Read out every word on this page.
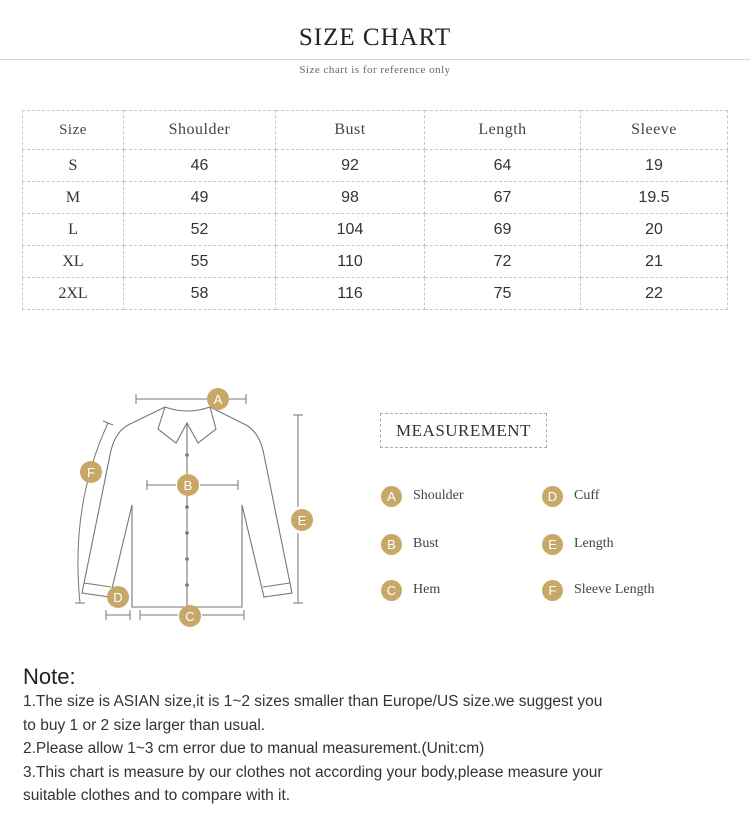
SIZE CHART
Size chart is for reference only
Size	Shoulder	Bust	Length	Sleeve
S	46	92	64	19
M	49	98	67	19.5
L	52	104	69	20
XL	55	110	72	21
2XL	58	116	75	22
A
B
C
D
E
F
MEASUREMENT
A	Shoulder
B	Bust
C	Hem
D	Cuff
E	Length
F	Sleeve Length
Note:
1.The size is ASIAN size,it is 1~2 sizes smaller than Europe/US size.we suggest you
to buy 1 or 2 size larger than usual.
2.Please allow 1~3 cm error due to manual measurement.(Unit:cm)
3.This chart is measure by our clothes not according your body,please measure your
suitable clothes and to compare with it.
